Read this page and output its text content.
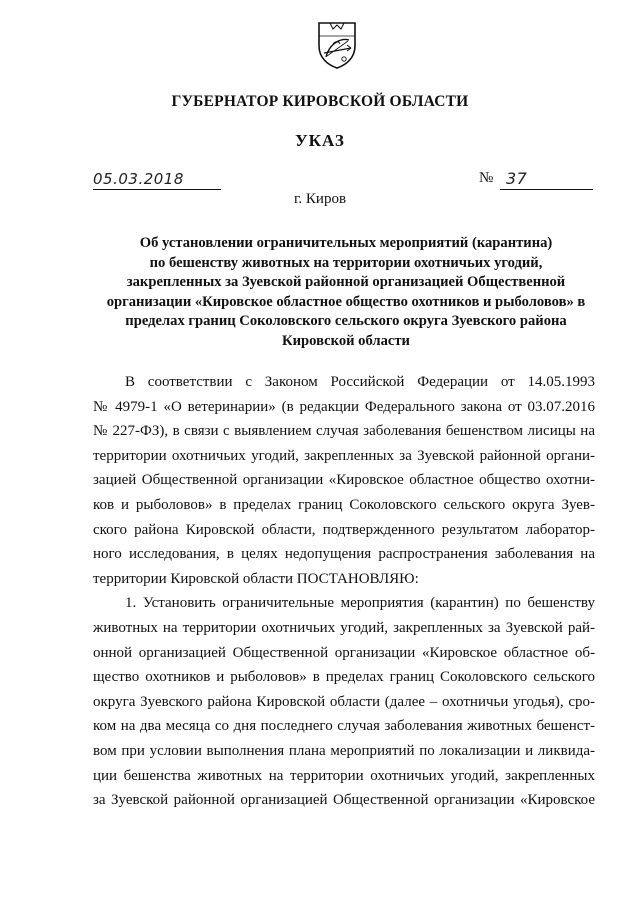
ГУБЕРНАТОР КИРОВСКОЙ ОБЛАСТИ

УКАЗ

05.03.2018	№ 37

г. Киров

Об установлении ограничительных мероприятий (карантина)
по бешенству животных на территории охотничьих угодий,
закрепленных за Зуевской районной организацией Общественной
организации «Кировское областное общество охотников и рыболовов» в
пределах границ Соколовского сельского округа Зуевского района
Кировской области

В соответствии с Законом Российской Федерации от 14.05.1993
№ 4979-1 «О ветеринарии» (в редакции Федерального закона от 03.07.2016
№ 227-ФЗ), в связи с выявлением случая заболевания бешенством лисицы на
территории охотничьих угодий, закрепленных за Зуевской районной органи-
зацией Общественной организации «Кировское областное общество охотни-
ков и рыболовов» в пределах границ Соколовского сельского округа Зуев-
ского района Кировской области, подтвержденного результатом лаборатор-
ного исследования, в целях недопущения распространения заболевания на
территории Кировской области ПОСТАНОВЛЯЮ:
1. Установить ограничительные мероприятия (карантин) по бешенству
животных на территории охотничьих угодий, закрепленных за Зуевской рай-
онной организацией Общественной организации «Кировское областное об-
щество охотников и рыболовов» в пределах границ Соколовского сельского
округа Зуевского района Кировской области (далее – охотничьи угодья), сро-
ком на два месяца со дня последнего случая заболевания животных бешенст-
вом при условии выполнения плана мероприятий по локализации и ликвида-
ции бешенства животных на территории охотничьих угодий, закрепленных
за Зуевской районной организацией Общественной организации «Кировское
